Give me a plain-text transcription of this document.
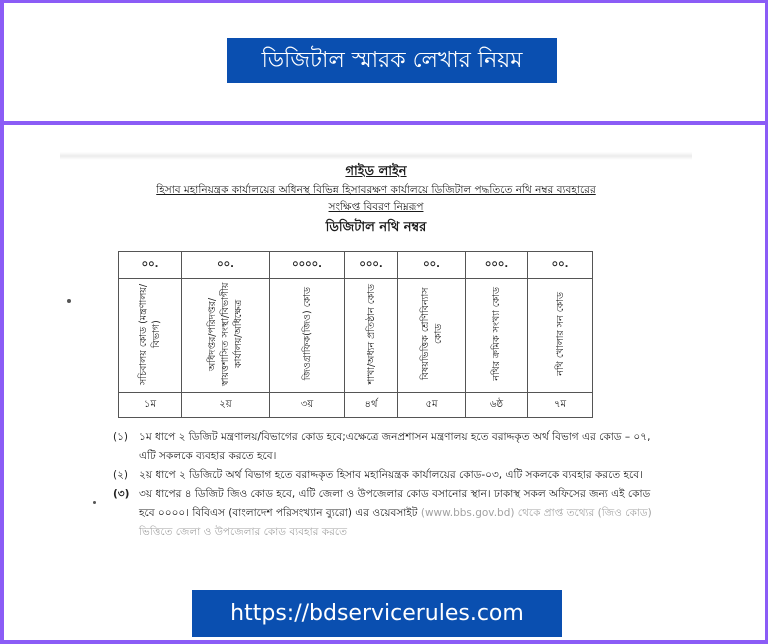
ডিজিটাল স্মারক লেখার নিয়ম
গাইড লাইন
হিসাব মহানিয়ন্ত্রক কার্যালয়ের অধিনস্থ বিভিন্ন হিসাবরক্ষণ কার্যালয়ে ডিজিটাল পদ্ধতিতে নথি নম্বর ব্যবহারের
সংক্ষিপ্ত বিবরণ নিম্নরূপ
ডিজিটাল নথি নম্বর
০০.	০০.	০০০০.	০০০.	০০.	০০০.	০০.
সচিবালয় কোড (মন্ত্রণালয়/বিভাগ)	অধিদপ্তর/পরিদপ্তর/ স্বায়ত্তশাসিত সংস্থা/বিভাগীয় কার্যালয়/অধিক্ষেত্র	জিওগ্রাফিক(জিও) কোড	শাখা/অধ্যন প্রতিষ্ঠান কোড	বিষয়ভিত্তিক শ্রেণিবিন্যাস কোড	নথির ক্রমিক সংখ্যা কোড	নথি খোলার সন কোড
১ম	২য়	৩য়	৪র্থ	৫ম	৬ষ্ঠ	৭ম

(১) ১ম ধাপে ২ ডিজিট মন্ত্রণালয়/বিভাগের কোড হবে;এক্ষেত্রে জনপ্রশাসন মন্ত্রণালয় হতে বরাদ্দকৃত অর্থ বিভাগ এর কোড – ০৭, এটি সকলকে ব্যবহার করতে হবে।

(২) ২য় ধাপে ২ ডিজিটে অর্থ বিভাগ হতে বরাদ্দকৃত হিসাব মহানিয়ন্ত্রক কার্যালয়ের কোড-০৩, এটি সকলকে ব্যবহার করতে হবে।

(৩) ৩য় ধাপের ৪ ডিজিট জিও কোড হবে, এটি জেলা ও উপজেলার কোড বসানোর স্থান। ঢাকাস্থ সকল অফিসের জন্য এই কোড হবে ০০০০। বিবিএস (বাংলাদেশ পরিসংখ্যান ব্যুরো) এর ওয়েবসাইট (www.bbs.gov.bd) থেকে প্রাপ্ত তথ্যের (জিও কোড) ভিত্তিতে জেলা ও উপজেলার কোড ব্যবহার করতে

https://bdservicerules.com
